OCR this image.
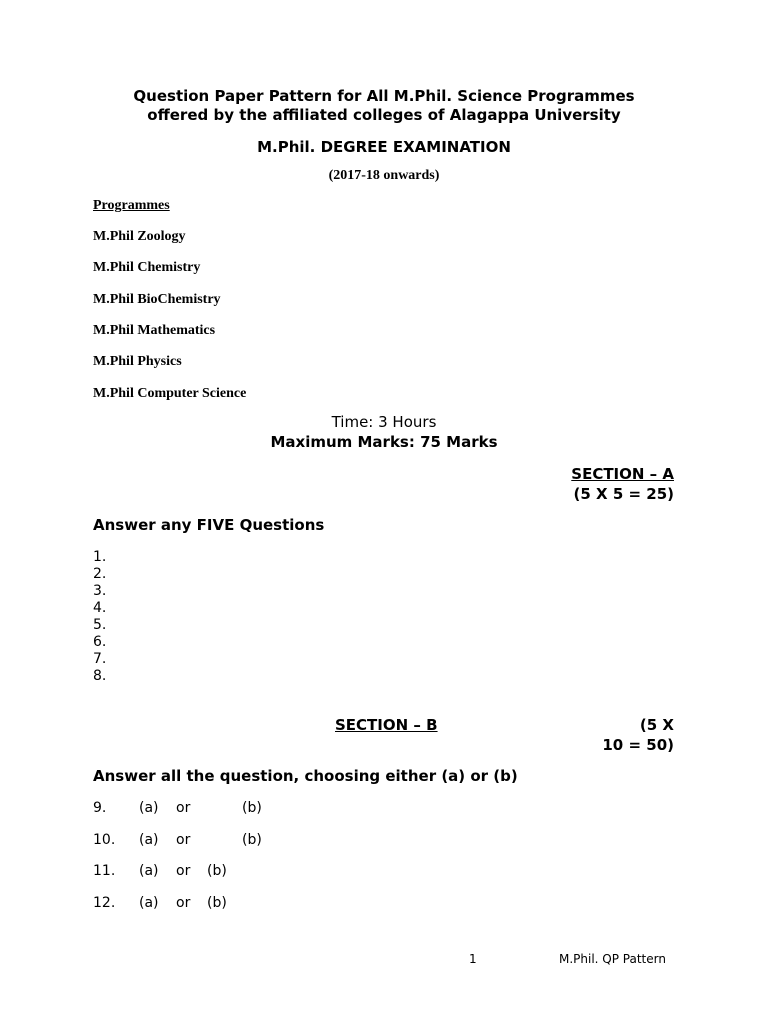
Question Paper Pattern for All M.Phil. Science Programmes
offered by the affiliated colleges of Alagappa University
M.Phil. DEGREE EXAMINATION
(2017-18 onwards)
Programmes
M.Phil Zoology
M.Phil Chemistry
M.Phil BioChemistry
M.Phil Mathematics
M.Phil Physics
M.Phil Computer Science
Time: 3 Hours
Maximum Marks: 75 Marks
SECTION – A
(5 X 5 = 25)
Answer any FIVE Questions
1.
2.
3.
4.
5.
6.
7.
8.
SECTION – B	(5 X
10 = 50)
Answer all the question, choosing either (a) or (b)
9. (a) or	(b)
10. (a) or	(b)
11. (a) or (b)
12. (a) or (b)
1	M.Phil. QP Pattern
